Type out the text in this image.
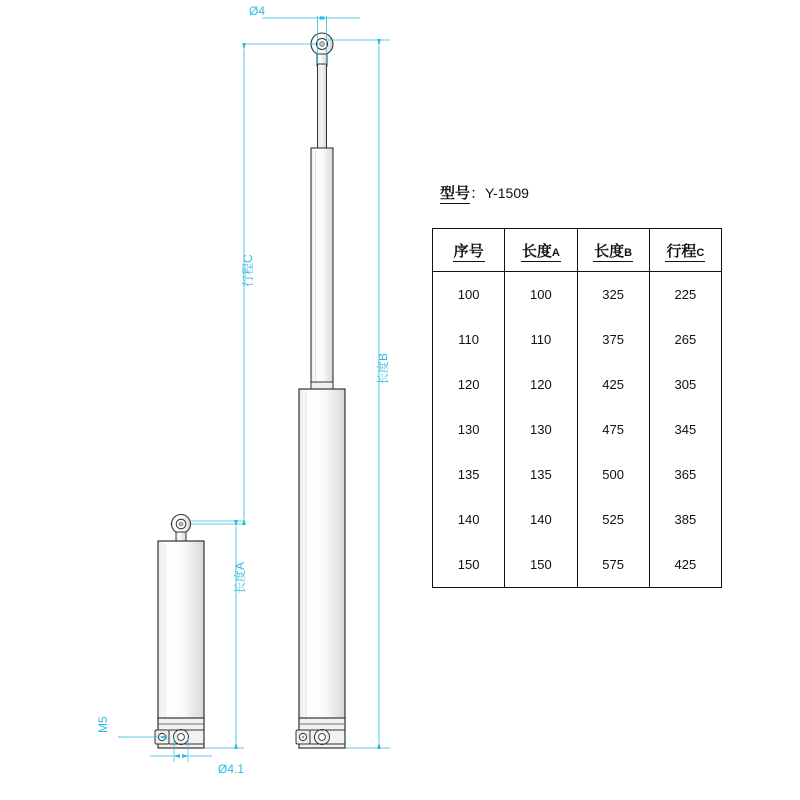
Ø4
行程C
长度B
长度A
M5
Ø4.1
型号：Y-1509
序号	长度A	长度B	行程C
100	100	325	225
110	110	375	265
120	120	425	305
130	130	475	345
135	135	500	365
140	140	525	385
150	150	575	425
